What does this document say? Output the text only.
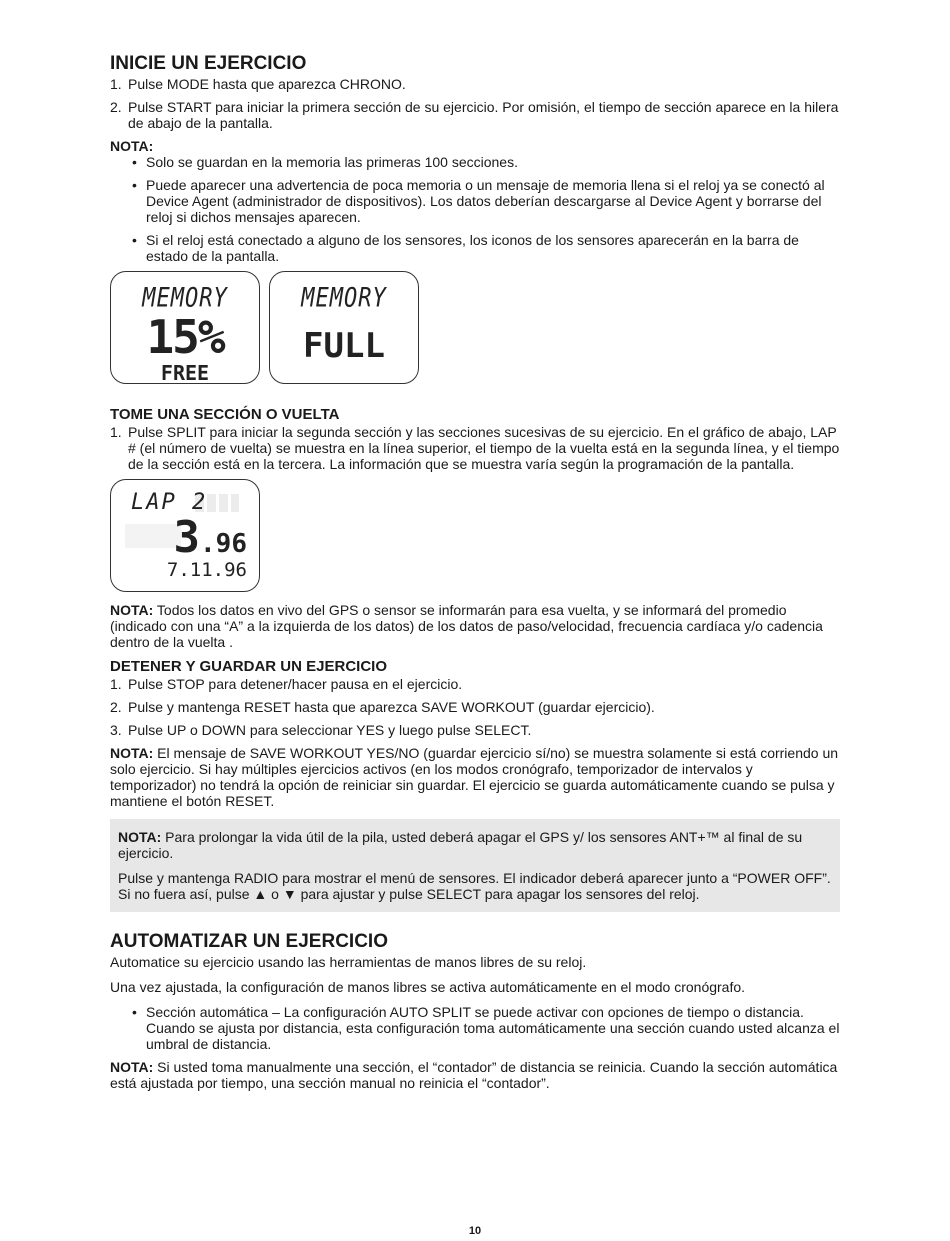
INICIE UN EJERCICIO
1. Pulse MODE hasta que aparezca CHRONO.
2. Pulse START para iniciar la primera sección de su ejercicio. Por omisión, el tiempo de sección aparece en la hilera de abajo de la pantalla.

NOTA:

• Solo se guardan en la memoria las primeras 100 secciones.
• Puede aparecer una advertencia de poca memoria o un mensaje de memoria llena si el reloj ya se conectó al Device Agent (administrador de dispositivos). Los datos deberían descargarse al Device Agent y borrarse del reloj si dichos mensajes aparecen.
• Si el reloj está conectado a alguno de los sensores, los iconos de los sensores aparecerán en la barra de estado de la pantalla.
MEMORY
15%
FREE
MEMORY
FULL
TOME UNA SECCIÓN O VUELTA
1. Pulse SPLIT para iniciar la segunda sección y las secciones sucesivas de su ejercicio. En el gráfico de abajo, LAP # (el número de vuelta) se muestra en la línea superior, el tiempo de la vuelta está en la segunda línea, y el tiempo de la sección está en la tercera. La información que se muestra varía según la programación de la pantalla.
LAP 2
3.96
7.11.96

NOTA: Todos los datos en vivo del GPS o sensor se informarán para esa vuelta, y se informará del promedio (indicado con una “A” a la izquierda de los datos) de los datos de paso/velocidad, frecuencia cardíaca y/o cadencia dentro de la vuelta .

DETENER Y GUARDAR UN EJERCICIO
1. Pulse STOP para detener/hacer pausa en el ejercicio.
2. Pulse y mantenga RESET hasta que aparezca SAVE WORKOUT (guardar ejercicio).
3. Pulse UP o DOWN para seleccionar YES y luego pulse SELECT.

NOTA: El mensaje de SAVE WORKOUT YES/NO (guardar ejercicio sí/no) se muestra solamente si está corriendo un solo ejercicio. Si hay múltiples ejercicios activos (en los modos cronógrafo, temporizador de intervalos y temporizador) no tendrá la opción de reiniciar sin guardar. El ejercicio se guarda automáticamente cuando se pulsa y mantiene el botón RESET.

NOTA: Para prolongar la vida útil de la pila, usted deberá apagar el GPS y/ los sensores ANT+™ al final de su ejercicio.

Pulse y mantenga RADIO para mostrar el menú de sensores. El indicador deberá aparecer junto a “POWER OFF”. Si no fuera así, pulse ▲ o ▼ para ajustar y pulse SELECT para apagar los sensores del reloj.

AUTOMATIZAR UN EJERCICIO

Automatice su ejercicio usando las herramientas de manos libres de su reloj.

Una vez ajustada, la configuración de manos libres se activa automáticamente en el modo cronógrafo.

• Sección automática – La configuración AUTO SPLIT se puede activar con opciones de tiempo o distancia. Cuando se ajusta por distancia, esta configuración toma automáticamente una sección cuando usted alcanza el umbral de distancia.

NOTA: Si usted toma manualmente una sección, el “contador” de distancia se reinicia. Cuando la sección automática está ajustada por tiempo, una sección manual no reinicia el “contador”.

10
